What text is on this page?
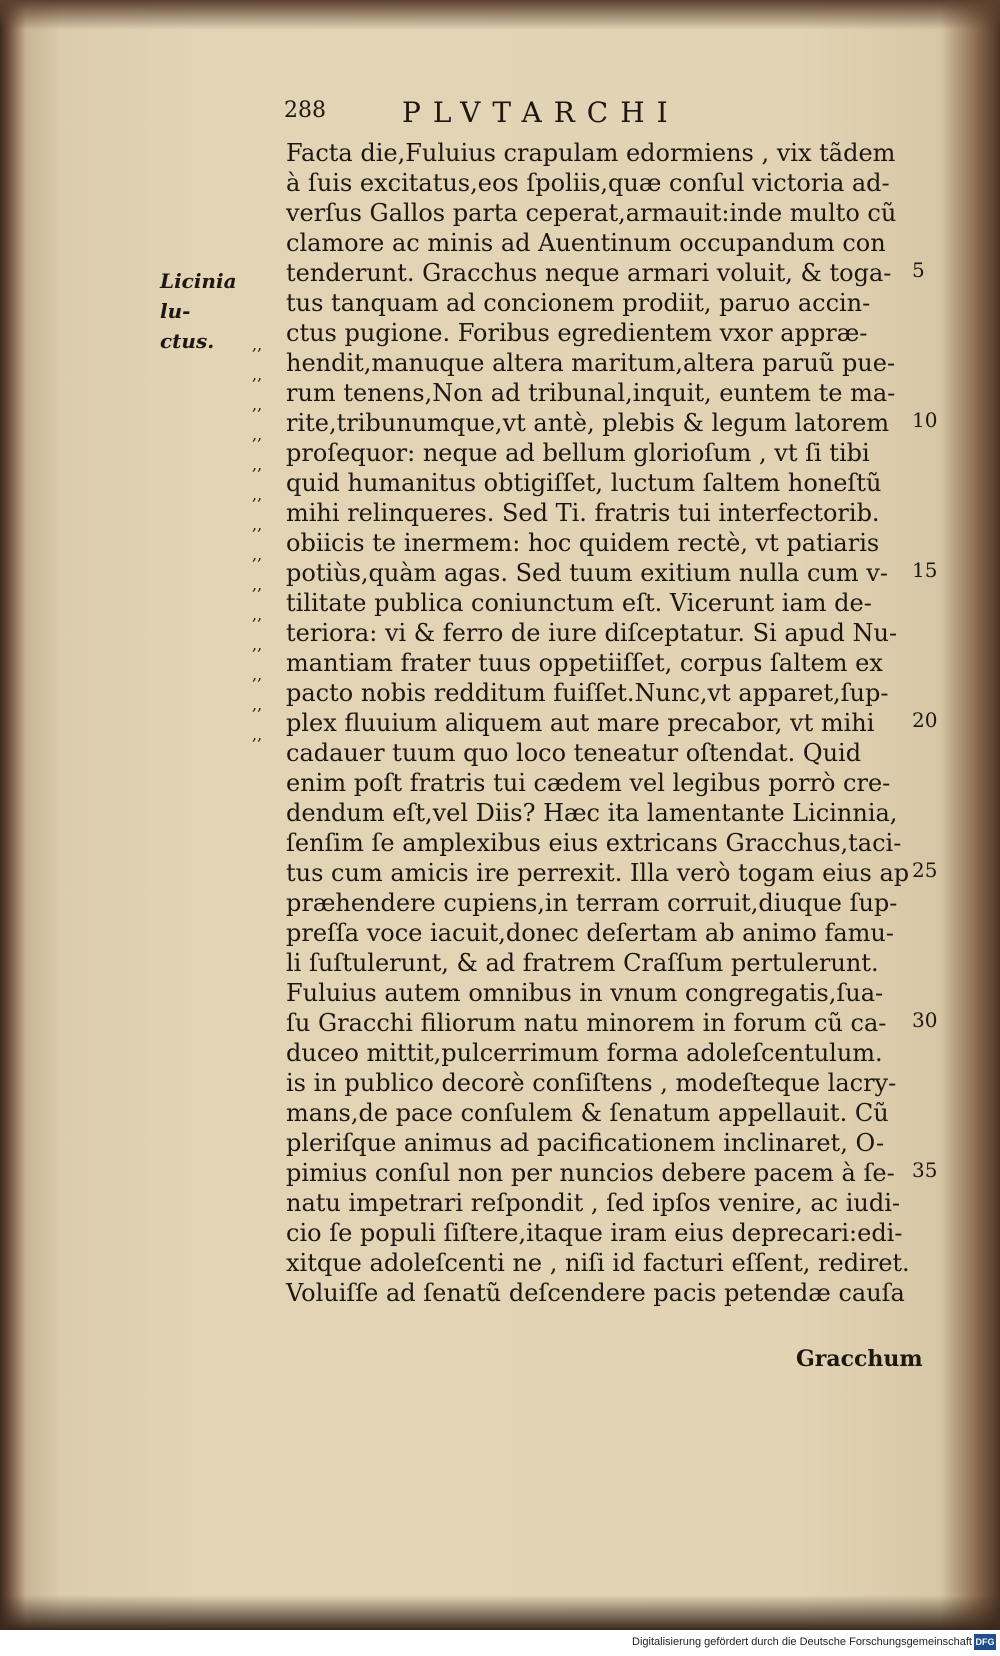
288	PLVTARCHI
Licinia lu-
ctus.	,,
,,
,,
,,
,,
,,
,,
,,
,,
,,
,,
,,
,,
,,
Facta die,Fuluius crapulam edormiens , vix tãdem
à ſuis excitatus,eos ſpoliis,quæ conſul victoria ad-
verſus Gallos parta ceperat,armauit:inde multo cũ
clamore ac minis ad Auentinum occupandum con
tenderunt. Gracchus neque armari voluit, & toga-
tus tanquam ad concionem prodiit, paruo accin-
ctus pugione. Foribus egredientem vxor appræ-
hendit,manuque altera maritum,altera paruũ pue-
rum tenens,Non ad tribunal,inquit, euntem te ma-
rite,tribunumque,vt antè, plebis & legum latorem
proſequor: neque ad bellum glorioſum , vt ſi tibi
quid humanitus obtigiſſet, luctum ſaltem honeſtũ
mihi relinqueres. Sed Ti. fratris tui interfectorib.
obiicis te inermem: hoc quidem rectè, vt patiaris
potiùs,quàm agas. Sed tuum exitium nulla cum v-
tilitate publica coniunctum eſt. Vicerunt iam de-
teriora: vi & ferro de iure diſceptatur. Si apud Nu-
mantiam frater tuus oppetiiſſet, corpus ſaltem ex
pacto nobis redditum fuiſſet.Nunc,vt apparet,ſup-
plex fluuium aliquem aut mare precabor, vt mihi
cadauer tuum quo loco teneatur oſtendat. Quid
enim poſt fratris tui cædem vel legibus porrò cre-
dendum eſt,vel Diis? Hæc ita lamentante Licinnia,
ſenſim ſe amplexibus eius extricans Gracchus,taci-
tus cum amicis ire perrexit. Illa verò togam eius ap
præhendere cupiens,in terram corruit,diuque ſup-
preſſa voce iacuit,donec deſertam ab animo famu-
li ſuſtulerunt, & ad fratrem Craſſum pertulerunt.
Fuluius autem omnibus in vnum congregatis,ſua-
ſu Gracchi filiorum natu minorem in forum cũ ca-
duceo mittit,pulcerrimum forma adoleſcentulum.
is in publico decorè conſiſtens , modeſteque lacry-
mans,de pace conſulem & ſenatum appellauit. Cũ
pleriſque animus ad pacificationem inclinaret, O-
pimius conſul non per nuncios debere pacem à ſe-
natu impetrari reſpondit , ſed ipſos venire, ac iudi-
cio ſe populi ſiſtere,itaque iram eius deprecari:edi-
xitque adoleſcenti ne , niſi id facturi eſſent, rediret.
Voluiſſe ad ſenatũ deſcendere pacis petendæ cauſa
Gracchum
5
10
15
20
25
30
35
Digitalisierung gefördert durch die Deutsche Forschungsgemeinschaft DFG
